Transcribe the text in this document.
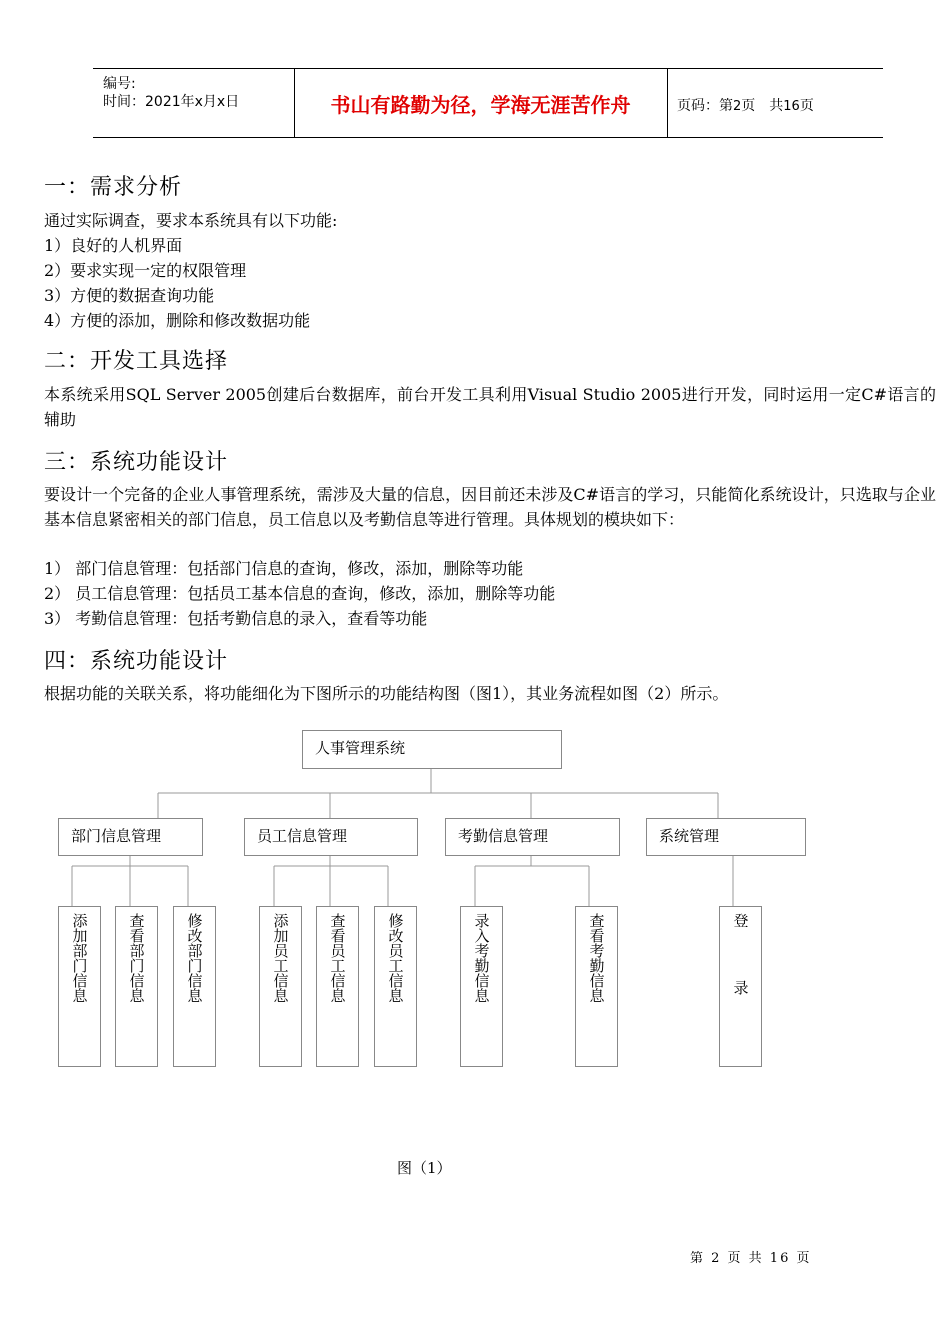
编号:
时间：2021年x月x日	书山有路勤为径，学海无涯苦作舟	页码：第2页　共16页
一：需求分析
通过实际调查，要求本系统具有以下功能:
1）良好的人机界面
2）要求实现一定的权限管理
3）方便的数据查询功能
4）方便的添加，删除和修改数据功能
二：开发工具选择
本系统采用SQL Server 2005创建后台数据库，前台开发工具利用Visual Studio 2005进行开发，同时运用一定C#语言的辅助
三：系统功能设计
要设计一个完备的企业人事管理系统，需涉及大量的信息，因目前还未涉及C#语言的学习，只能简化系统设计，只选取与企业基本信息紧密相关的部门信息，员工信息以及考勤信息等进行管理。具体规划的模块如下：
1） 部门信息管理：包括部门信息的查询，修改，添加，删除等功能
2） 员工信息管理：包括员工基本信息的查询，修改，添加，删除等功能
3） 考勤信息管理：包括考勤信息的录入，查看等功能
四：系统功能设计
根据功能的关联关系，将功能细化为下图所示的功能结构图（图1），其业务流程如图（2）所示。
人事管理系统
部门信息管理	员工信息管理	考勤信息管理	系统管理
添加部门信息	查看部门信息	修改部门信息	添加员工信息	查看员工信息	修改员工信息	录入考勤信息	查看考勤信息	登录
图（1）
第 2 页 共 16 页
